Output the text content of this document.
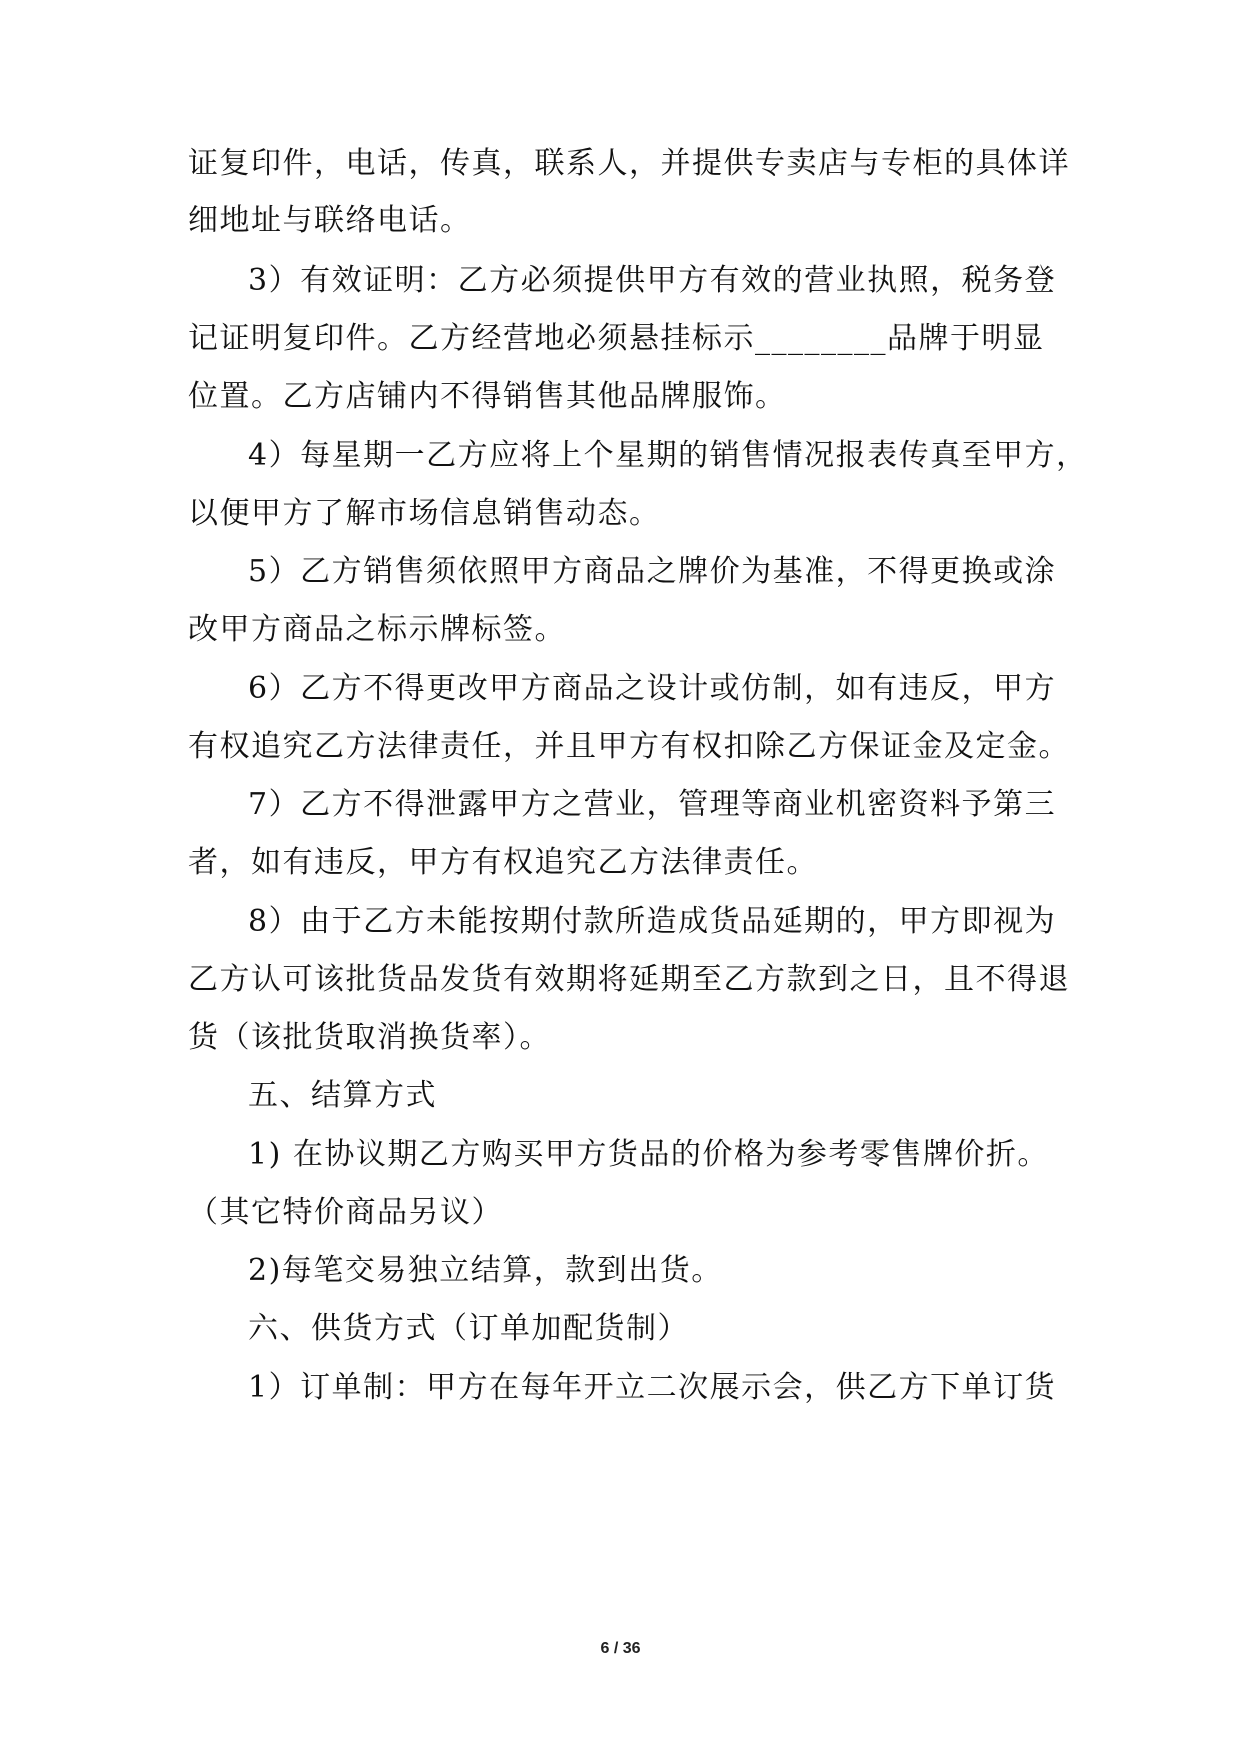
证复印件，电话，传真，联系人，并提供专卖店与专柜的具体详
细地址与联络电话。
3）有效证明：乙方必须提供甲方有效的营业执照，税务登
记证明复印件。乙方经营地必须悬挂标示________品牌于明显
位置。乙方店铺内不得销售其他品牌服饰。
4）每星期一乙方应将上个星期的销售情况报表传真至甲方，
以便甲方了解市场信息销售动态。
5）乙方销售须依照甲方商品之牌价为基准，不得更换或涂
改甲方商品之标示牌标签。
6）乙方不得更改甲方商品之设计或仿制，如有违反，甲方
有权追究乙方法律责任，并且甲方有权扣除乙方保证金及定金。
7）乙方不得泄露甲方之营业，管理等商业机密资料予第三
者，如有违反，甲方有权追究乙方法律责任。
8）由于乙方未能按期付款所造成货品延期的，甲方即视为
乙方认可该批货品发货有效期将延期至乙方款到之日，且不得退
货（该批货取消换货率）。
五、结算方式
1) 在协议期乙方购买甲方货品的价格为参考零售牌价折。
（其它特价商品另议）
2)每笔交易独立结算，款到出货。
六、供货方式（订单加配货制）
1）订单制：甲方在每年开立二次展示会，供乙方下单订货
6 / 36
